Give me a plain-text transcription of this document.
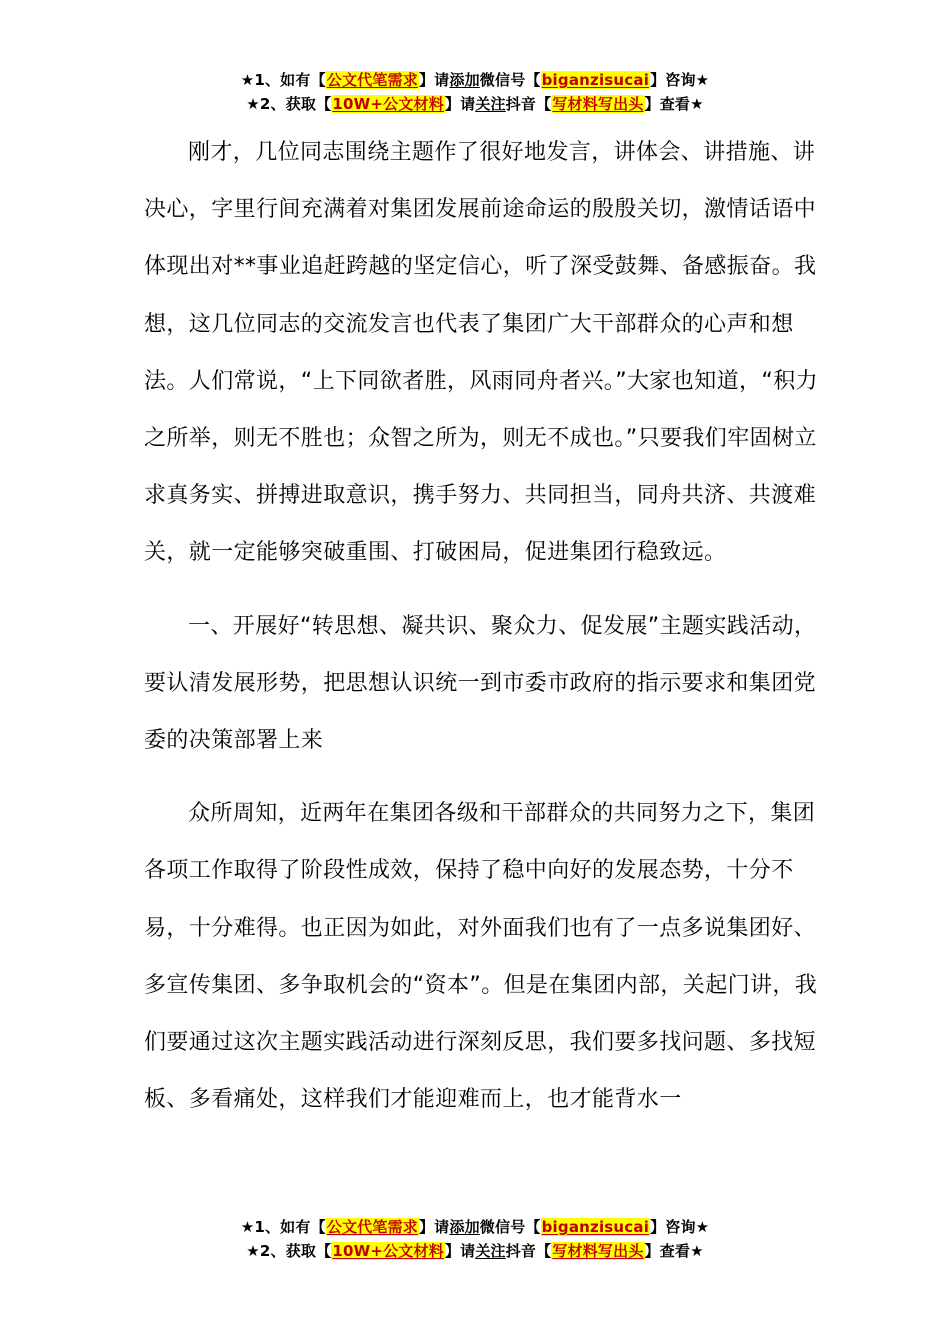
★1、如有【公文代笔需求】请添加微信号【biganzisucai】咨询★
★2、获取【10W+公文材料】请关注抖音【写材料写出头】查看★

刚才，几位同志围绕主题作了很好地发言，讲体会、讲措施、讲决心，字里行间充满着对集团发展前途命运的殷殷关切，激情话语中体现出对**事业追赶跨越的坚定信心，听了深受鼓舞、备感振奋。我想，这几位同志的交流发言也代表了集团广大干部群众的心声和想法。人们常说，“上下同欲者胜，风雨同舟者兴。”大家也知道，“积力之所举，则无不胜也；众智之所为，则无不成也。”只要我们牢固树立求真务实、拼搏进取意识，携手努力、共同担当，同舟共济、共渡难关，就一定能够突破重围、打破困局，促进集团行稳致远。

一、开展好“转思想、凝共识、聚众力、促发展”主题实践活动，要认清发展形势，把思想认识统一到市委市政府的指示要求和集团党委的决策部署上来

众所周知，近两年在集团各级和干部群众的共同努力之下，集团各项工作取得了阶段性成效，保持了稳中向好的发展态势，十分不易，十分难得。也正因为如此，对外面我们也有了一点多说集团好、多宣传集团、多争取机会的“资本”。但是在集团内部，关起门讲，我们要通过这次主题实践活动进行深刻反思，我们要多找问题、多找短板、多看痛处，这样我们才能迎难而上，也才能背水一

★1、如有【公文代笔需求】请添加微信号【biganzisucai】咨询★
★2、获取【10W+公文材料】请关注抖音【写材料写出头】查看★
